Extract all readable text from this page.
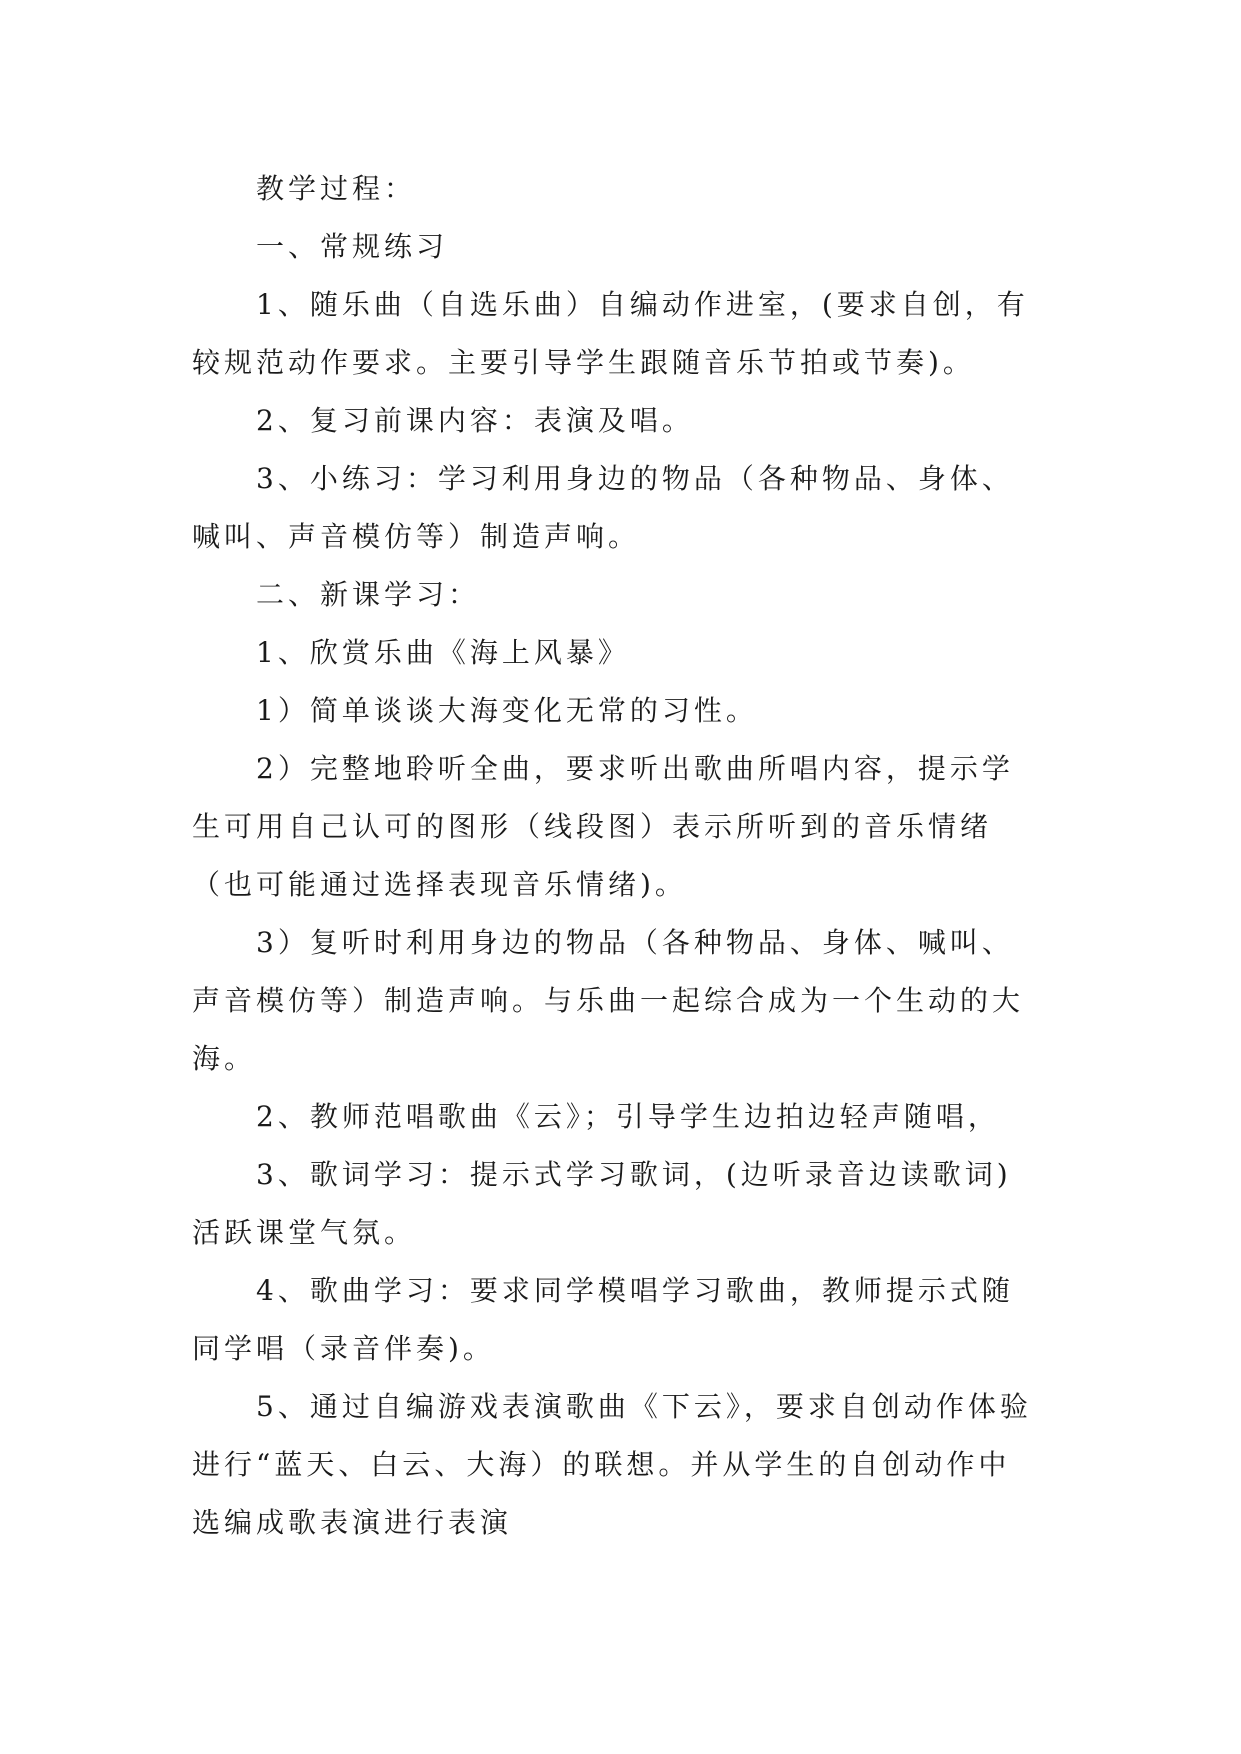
教学过程：
一、常规练习
1、随乐曲（自选乐曲）自编动作进室，(要求自创，有
较规范动作要求。主要引导学生跟随音乐节拍或节奏)。
2、复习前课内容：表演及唱。
3、小练习：学习利用身边的物品（各种物品、身体、
喊叫、声音模仿等）制造声响。
二、新课学习：
1、欣赏乐曲《海上风暴》
1）简单谈谈大海变化无常的习性。
2）完整地聆听全曲，要求听出歌曲所唱内容，提示学
生可用自己认可的图形（线段图）表示所听到的音乐情绪
（也可能通过选择表现音乐情绪)。
3）复听时利用身边的物品（各种物品、身体、喊叫、
声音模仿等）制造声响。与乐曲一起综合成为一个生动的大
海。
2、教师范唱歌曲《云》；引导学生边拍边轻声随唱，
3、歌词学习：提示式学习歌词，(边听录音边读歌词)
活跃课堂气氛。
4、歌曲学习：要求同学模唱学习歌曲，教师提示式随
同学唱（录音伴奏)。
5、通过自编游戏表演歌曲《下云》，要求自创动作体验
进行“蓝天、白云、大海）的联想。并从学生的自创动作中
选编成歌表演进行表演
